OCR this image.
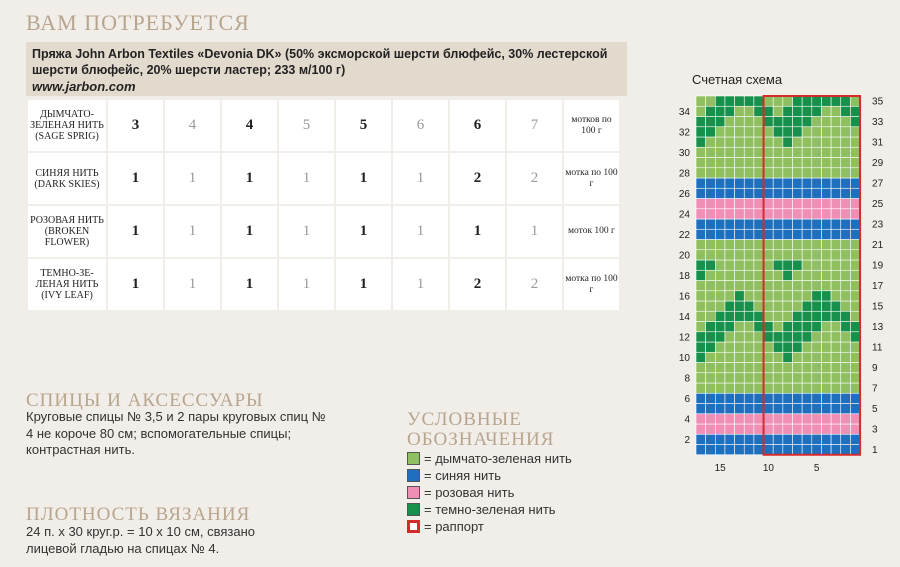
ВАМ ПОТРЕБУЕТСЯ
Пряжа John Arbon Textiles «Devonia DK» (50% эксморской шерсти блюфейс, 30% лестерской шерсти блюфейс, 20% шерсти ластер; 233 м/100 г)
www.jarbon.com
ДЫМЧАТО-ЗЕЛЕНАЯ НИТЬ (SAGE SPRIG)	3	4	4	5	5	6	6	7	мотков по 100 г
СИНЯЯ НИТЬ (DARK SKIES)	1	1	1	1	1	1	2	2	мотка по 100 г
РОЗОВАЯ НИТЬ (BROKEN FLOWER)	1	1	1	1	1	1	1	1	моток 100 г
ТЕМНО-ЗЕ-ЛЕНАЯ НИТЬ (IVY LEAF)	1	1	1	1	1	1	2	2	мотка по 100 г
СПИЦЫ И АКСЕССУАРЫ
Круговые спицы № 3,5 и 2 пары круговых спиц № 4 не короче 80 см; вспомогательные спицы; контрастная нить.
ПЛОТНОСТЬ ВЯЗАНИЯ
24 п. x 30 круг.р. = 10 x 10 см, связано лицевой гладью на спицах № 4.
УСЛОВНЫЕ ОБОЗНАЧЕНИЯ
= дымчато-зеленая нить
= синяя нить
= розовая нить
= темно-зеленая нить
= раппорт
Счетная схема
34
32
30
28
26
24
22
20
18
16
14
12
10
8
6
4
2
35
33
31
29
27
25
23
21
19
17
15
13
11
9
7
5
3
1
15	10	5
